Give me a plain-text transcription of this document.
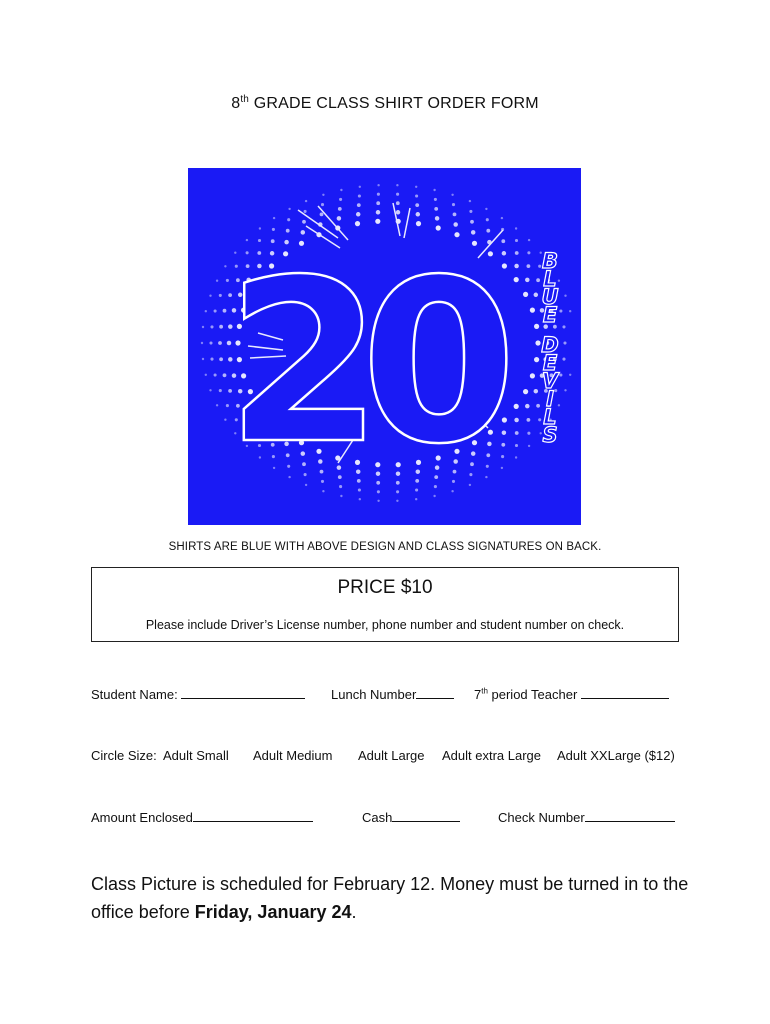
8th GRADE CLASS SHIRT ORDER FORM
20	B
L
U
E
D
E
V
I
L
S
SHIRTS ARE BLUE WITH ABOVE DESIGN AND CLASS SIGNATURES ON BACK.
PRICE $10
Please include Driver’s License number, phone number and student number on check.
Student Name:	Lunch Number	7th period Teacher
Circle Size: Adult Small Adult Medium Adult Large Adult extra Large Adult XXLarge ($12)
Amount Enclosed	Cash	Check Number
Class Picture is scheduled for February 12. Money must be turned in to the office before Friday, January 24.
